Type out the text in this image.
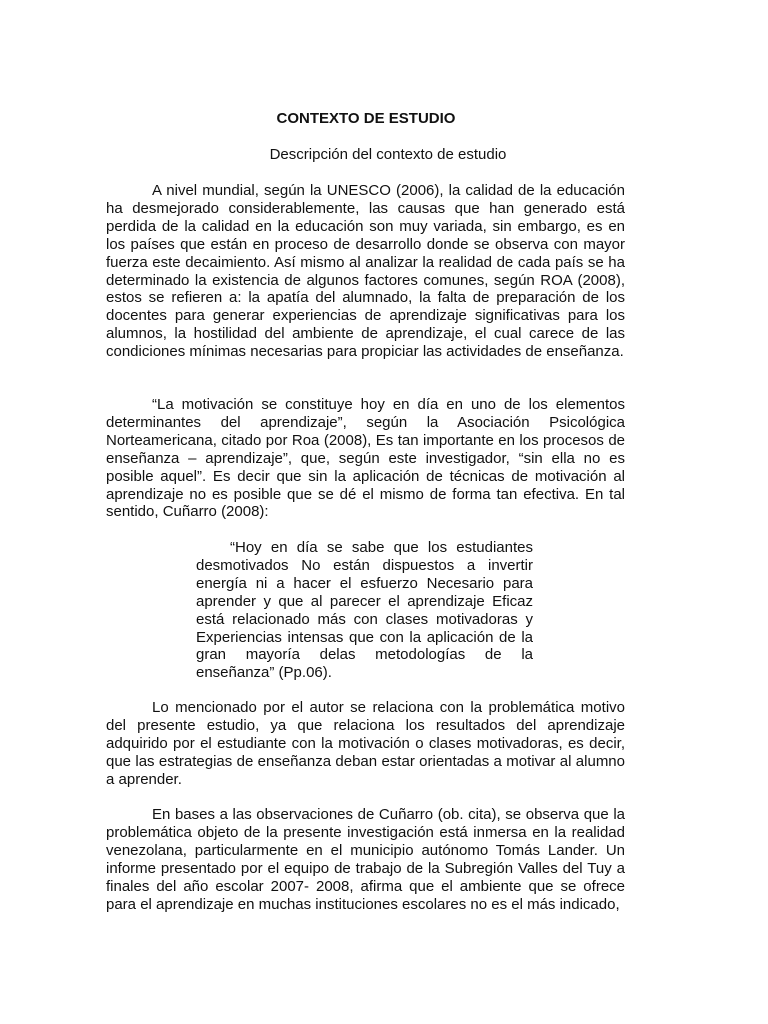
CONTEXTO DE ESTUDIO
Descripción del contexto de estudio

A nivel mundial, según la UNESCO (2006), la calidad de la educación ha desmejorado considerablemente, las causas que han generado está perdida de la calidad en la educación son muy variada, sin embargo, es en los países que están en proceso de desarrollo donde se observa con mayor fuerza este decaimiento. Así mismo al analizar la realidad de cada país se ha determinado la existencia de algunos factores comunes, según ROA (2008), estos se refieren a: la apatía del alumnado, la falta de preparación de los docentes para generar experiencias de aprendizaje significativas para los alumnos, la hostilidad del ambiente de aprendizaje, el cual carece de las condiciones mínimas necesarias para propiciar las actividades de enseñanza.

“La motivación se constituye hoy en día en uno de los elementos determinantes del aprendizaje”, según la Asociación Psicológica Norteamericana, citado por Roa (2008), Es tan importante en los procesos de enseñanza – aprendizaje”, que, según este investigador, “sin ella no es posible aquel”. Es decir que sin la aplicación de técnicas de motivación al aprendizaje no es posible que se dé el mismo de forma tan efectiva. En tal sentido, Cuñarro (2008):

“Hoy en día se sabe que los estudiantes desmotivados No están dispuestos a invertir energía ni a hacer el esfuerzo Necesario para aprender y que al parecer el aprendizaje Eficaz está relacionado más con clases motivadoras y Experiencias intensas que con la aplicación de la gran mayoría delas metodologías de la enseñanza” (Pp.06).

Lo mencionado por el autor se relaciona con la problemática motivo del presente estudio, ya que relaciona los resultados del aprendizaje adquirido por el estudiante con la motivación o clases motivadoras, es decir, que las estrategias de enseñanza deban estar orientadas a motivar al alumno a aprender.

En bases a las observaciones de Cuñarro (ob. cita), se observa que la problemática objeto de la presente investigación está inmersa en la realidad venezolana, particularmente en el municipio autónomo Tomás Lander. Un informe presentado por el equipo de trabajo de la Subregión Valles del Tuy a finales del año escolar 2007- 2008, afirma que el ambiente que se ofrece para el aprendizaje en muchas instituciones escolares no es el más indicado,
